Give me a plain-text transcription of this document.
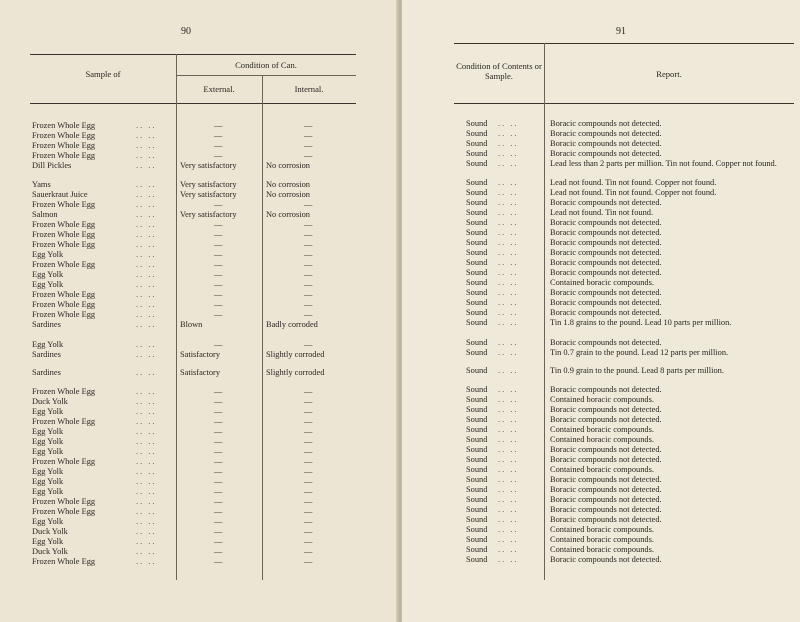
90
Sample of
Condition of Can.
External.	Internal.
Frozen Whole Egg	.. ..	—	—
Frozen Whole Egg	.. ..	—	—
Frozen Whole Egg	.. ..	—	—
Frozen Whole Egg	.. ..	—	—
Dill Pickles	.. ..	Very satisfactory	No corrosion
Yams	.. ..	Very satisfactory	No corrosion
Sauerkraut Juice	.. ..	Very satisfactory	No corrosion
Frozen Whole Egg	.. ..	—	—
Salmon	.. ..	Very satisfactory	No corrosion
Frozen Whole Egg	.. ..	—	—
Frozen Whole Egg	.. ..	—	—
Frozen Whole Egg	.. ..	—	—
Egg Yolk	.. ..	—	—
Frozen Whole Egg	.. ..	—	—
Egg Yolk	.. ..	—	—
Egg Yolk	.. ..	—	—
Frozen Whole Egg	.. ..	—	—
Frozen Whole Egg	.. ..	—	—
Frozen Whole Egg	.. ..	—	—
Sardines	.. ..	Blown	Badly corroded
Egg Yolk	.. ..	—	—
Sardines	.. ..	Satisfactory	Slightly corroded
Sardines	.. ..	Satisfactory	Slightly corroded
Frozen Whole Egg	.. ..	—	—
Duck Yolk	.. ..	—	—
Egg Yolk	.. ..	—	—
Frozen Whole Egg	.. ..	—	—
Egg Yolk	.. ..	—	—
Egg Yolk	.. ..	—	—
Egg Yolk	.. ..	—	—
Frozen Whole Egg	.. ..	—	—
Egg Yolk	.. ..	—	—
Egg Yolk	.. ..	—	—
Egg Yolk	.. ..	—	—
Frozen Whole Egg	.. ..	—	—
Frozen Whole Egg	.. ..	—	—
Egg Yolk	.. ..	—	—
Duck Yolk	.. ..	—	—
Egg Yolk	.. ..	—	—
Duck Yolk	.. ..	—	—
Frozen Whole Egg	.. ..	—	—
91
Condition of Contents or Sample.	Report.
Sound .. ..	Boracic compounds not detected.
Sound .. ..	Boracic compounds not detected.
Sound .. ..	Boracic compounds not detected.
Sound .. ..	Boracic compounds not detected.
Sound .. ..	Lead less than 2 parts per million. Tin not found. Copper not found.
Sound .. ..	Lead not found. Tin not found. Copper not found.
Sound .. ..	Lead not found. Tin not found. Copper not found.
Sound .. ..	Boracic compounds not detected.
Sound .. ..	Lead not found. Tin not found.
Sound .. ..	Boracic compounds not detected.
Sound .. ..	Boracic compounds not detected.
Sound .. ..	Boracic compounds not detected.
Sound .. ..	Boracic compounds not detected.
Sound .. ..	Boracic compounds not detected.
Sound .. ..	Boracic compounds not detected.
Sound .. ..	Contained boracic compounds.
Sound .. ..	Boracic compounds not detected.
Sound .. ..	Boracic compounds not detected.
Sound .. ..	Boracic compounds not detected.
Sound .. ..	Tin 1.8 grains to the pound. Lead 10 parts per million.
Sound .. ..	Boracic compounds not detected.
Sound .. ..	Tin 0.7 grain to the pound. Lead 12 parts per million.
Sound .. ..	Tin 0.9 grain to the pound. Lead 8 parts per million.
Sound .. ..	Boracic compounds not detected.
Sound .. ..	Contained boracic compounds.
Sound .. ..	Boracic compounds not detected.
Sound .. ..	Boracic compounds not detected.
Sound .. ..	Contained boracic compounds.
Sound .. ..	Contained boracic compounds.
Sound .. ..	Boracic compounds not detected.
Sound .. ..	Boracic compounds not detected.
Sound .. ..	Contained boracic compounds.
Sound .. ..	Boracic compounds not detected.
Sound .. ..	Boracic compounds not detected.
Sound .. ..	Boracic compounds not detected.
Sound .. ..	Boracic compounds not detected.
Sound .. ..	Boracic compounds not detected.
Sound .. ..	Contained boracic compounds.
Sound .. ..	Contained boracic compounds.
Sound .. ..	Contained boracic compounds.
Sound .. ..	Boracic compounds not detected.
